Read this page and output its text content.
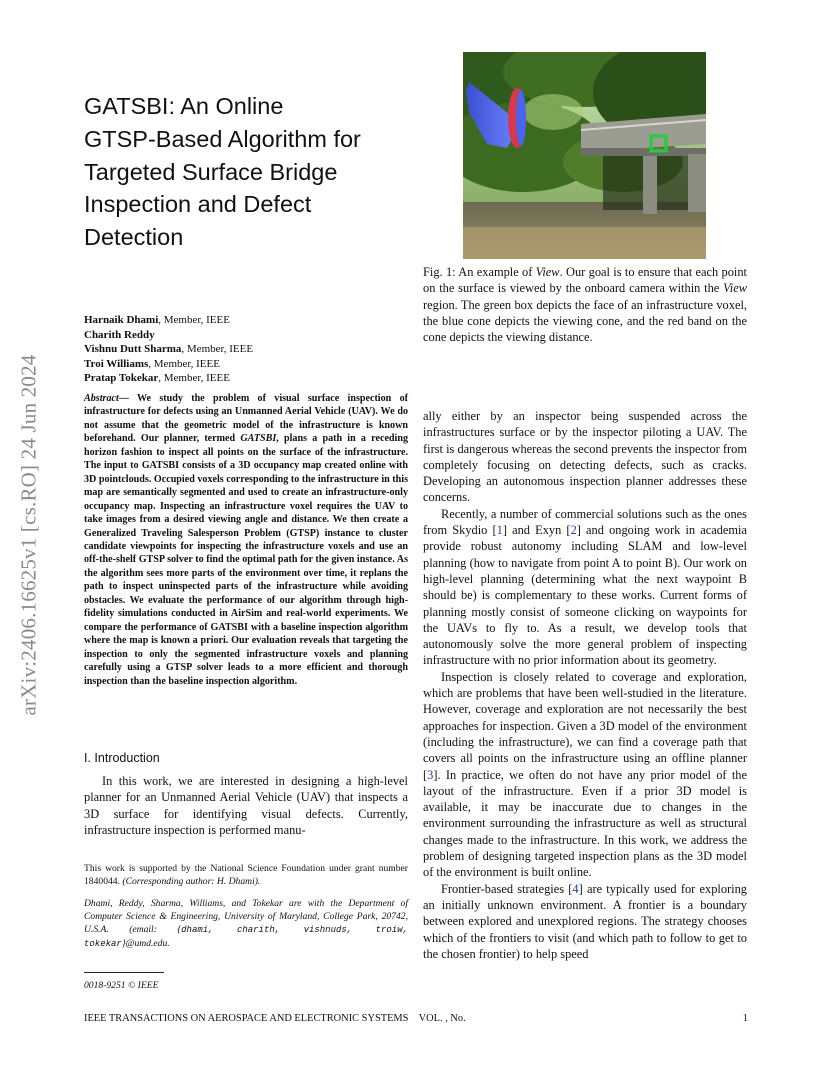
arXiv:2406.16625v1 [cs.RO] 24 Jun 2024
GATSBI: An Online
GTSP-Based Algorithm for
Targeted Surface Bridge
Inspection and Defect
Detection
Harnaik Dhami, Member, IEEE
Charith Reddy
Vishnu Dutt Sharma, Member, IEEE
Troi Williams, Member, IEEE
Pratap Tokekar, Member, IEEE
Abstract— We study the problem of visual surface inspection of infrastructure for defects using an Unmanned Aerial Vehicle (UAV). We do not assume that the geometric model of the infrastructure is known beforehand. Our planner, termed GATSBI, plans a path in a receding horizon fashion to inspect all points on the surface of the infrastructure. The input to GATSBI consists of a 3D occupancy map created online with 3D pointclouds. Occupied voxels corresponding to the infrastructure in this map are semantically segmented and used to create an infrastructure-only occupancy map. Inspecting an infrastructure voxel requires the UAV to take images from a desired viewing angle and distance. We then create a Generalized Traveling Salesperson Problem (GTSP) instance to cluster candidate viewpoints for inspecting the infrastructure voxels and use an off-the-shelf GTSP solver to find the optimal path for the given instance. As the algorithm sees more parts of the environment over time, it replans the path to inspect uninspected parts of the infrastructure while avoiding obstacles. We evaluate the performance of our algorithm through high-fidelity simulations conducted in AirSim and real-world experiments. We compare the performance of GATSBI with a baseline inspection algorithm where the map is known a priori. Our evaluation reveals that targeting the inspection to only the segmented infrastructure voxels and planning carefully using a GTSP solver leads to a more efficient and thorough inspection than the baseline inspection algorithm.
I. Introduction
In this work, we are interested in designing a high-level planner for an Unmanned Aerial Vehicle (UAV) that inspects a 3D surface for identifying visual defects. Currently, infrastructure inspection is performed manu-
This work is supported by the National Science Foundation under grant number 1840044. (Corresponding author: H. Dhami).
Dhami, Reddy, Sharma, Williams, and Tokekar are with the Department of Computer Science & Engineering, University of Maryland, College Park, 20742, U.S.A. (email: {dhami, charith, vishnuds, troiw, tokekar}@umd.edu.
0018-9251 © IEEE
Fig. 1: An example of View. Our goal is to ensure that each point on the surface is viewed by the onboard camera within the View region. The green box depicts the face of an infrastructure voxel, the blue cone depicts the viewing cone, and the red band on the cone depicts the viewing distance.

ally either by an inspector being suspended across the infrastructures surface or by the inspector piloting a UAV. The first is dangerous whereas the second prevents the inspector from completely focusing on detecting defects, such as cracks. Developing an autonomous inspection planner addresses these concerns.

Recently, a number of commercial solutions such as the ones from Skydio [1] and Exyn [2] and ongoing work in academia provide robust autonomy including SLAM and low-level planning (how to navigate from point A to point B). Our work on high-level planning (determining what the next waypoint B should be) is complementary to these works. Current forms of planning mostly consist of someone clicking on waypoints for the UAVs to fly to. As a result, we develop tools that autonomously solve the more general problem of inspecting infrastructure with no prior information about its geometry.

Inspection is closely related to coverage and exploration, which are problems that have been well-studied in the literature. However, coverage and exploration are not necessarily the best approaches for inspection. Given a 3D model of the environment (including the infrastructure), we can find a coverage path that covers all points on the infrastructure using an offline planner [3]. In practice, we often do not have any prior model of the layout of the infrastructure. Even if a prior 3D model is available, it may be inaccurate due to changes in the environment surrounding the infrastructure as well as structural changes made to the infrastructure. In this work, we address the problem of designing targeted inspection plans as the 3D model of the environment is built online.

Frontier-based strategies [4] are typically used for exploring an initially unknown environment. A frontier is a boundary between explored and unexplored regions. The strategy chooses which of the frontiers to visit (and which path to follow to get to the chosen frontier) to help speed

IEEE TRANSACTIONS ON AEROSPACE AND ELECTRONIC SYSTEMS    VOL. , No.	1
